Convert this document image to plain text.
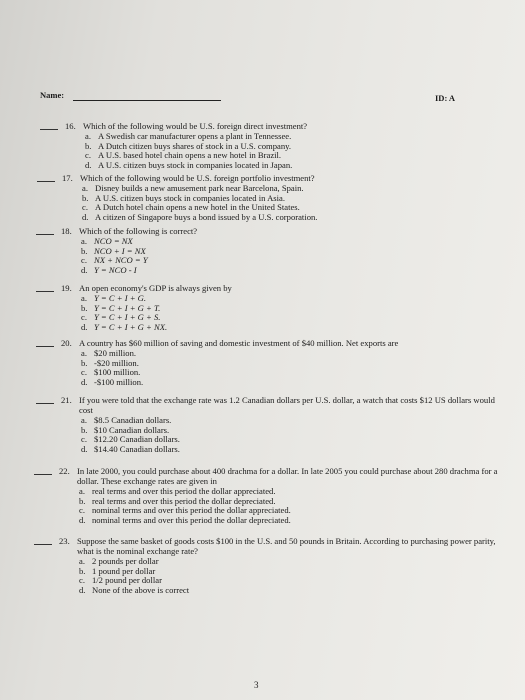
Name:	ID: A
16. Which of the following would be U.S. foreign direct investment?
a. A Swedish car manufacturer opens a plant in Tennessee.
b. A Dutch citizen buys shares of stock in a U.S. company.
c. A U.S. based hotel chain opens a new hotel in Brazil.
d. A U.S. citizen buys stock in companies located in Japan.
17. Which of the following would be U.S. foreign portfolio investment?
a. Disney builds a new amusement park near Barcelona, Spain.
b. A U.S. citizen buys stock in companies located in Asia.
c. A Dutch hotel chain opens a new hotel in the United States.
d. A citizen of Singapore buys a bond issued by a U.S. corporation.
18. Which of the following is correct?
a. NCO = NX
b. NCO + I = NX
c. NX + NCO = Y
d. Y = NCO - I
19. An open economy's GDP is always given by
a. Y = C + I + G.
b. Y = C + I + G + T.
c. Y = C + I + G + S.
d. Y = C + I + G + NX.
20. A country has $60 million of saving and domestic investment of $40 million. Net exports are
a. $20 million.
b. -$20 million.
c. $100 million.
d. -$100 million.
21. If you were told that the exchange rate was 1.2 Canadian dollars per U.S. dollar, a watch that costs $12 US dollars would cost
a. $8.5 Canadian dollars.
b. $10 Canadian dollars.
c. $12.20 Canadian dollars.
d. $14.40 Canadian dollars.
22. In late 2000, you could purchase about 400 drachma for a dollar. In late 2005 you could purchase about 280 drachma for a dollar. These exchange rates are given in
a. real terms and over this period the dollar appreciated.
b. real terms and over this period the dollar depreciated.
c. nominal terms and over this period the dollar appreciated.
d. nominal terms and over this period the dollar depreciated.
23. Suppose the same basket of goods costs $100 in the U.S. and 50 pounds in Britain. According to purchasing power parity, what is the nominal exchange rate?
a. 2 pounds per dollar
b. 1 pound per dollar
c. 1/2 pound per dollar
d. None of the above is correct
3
